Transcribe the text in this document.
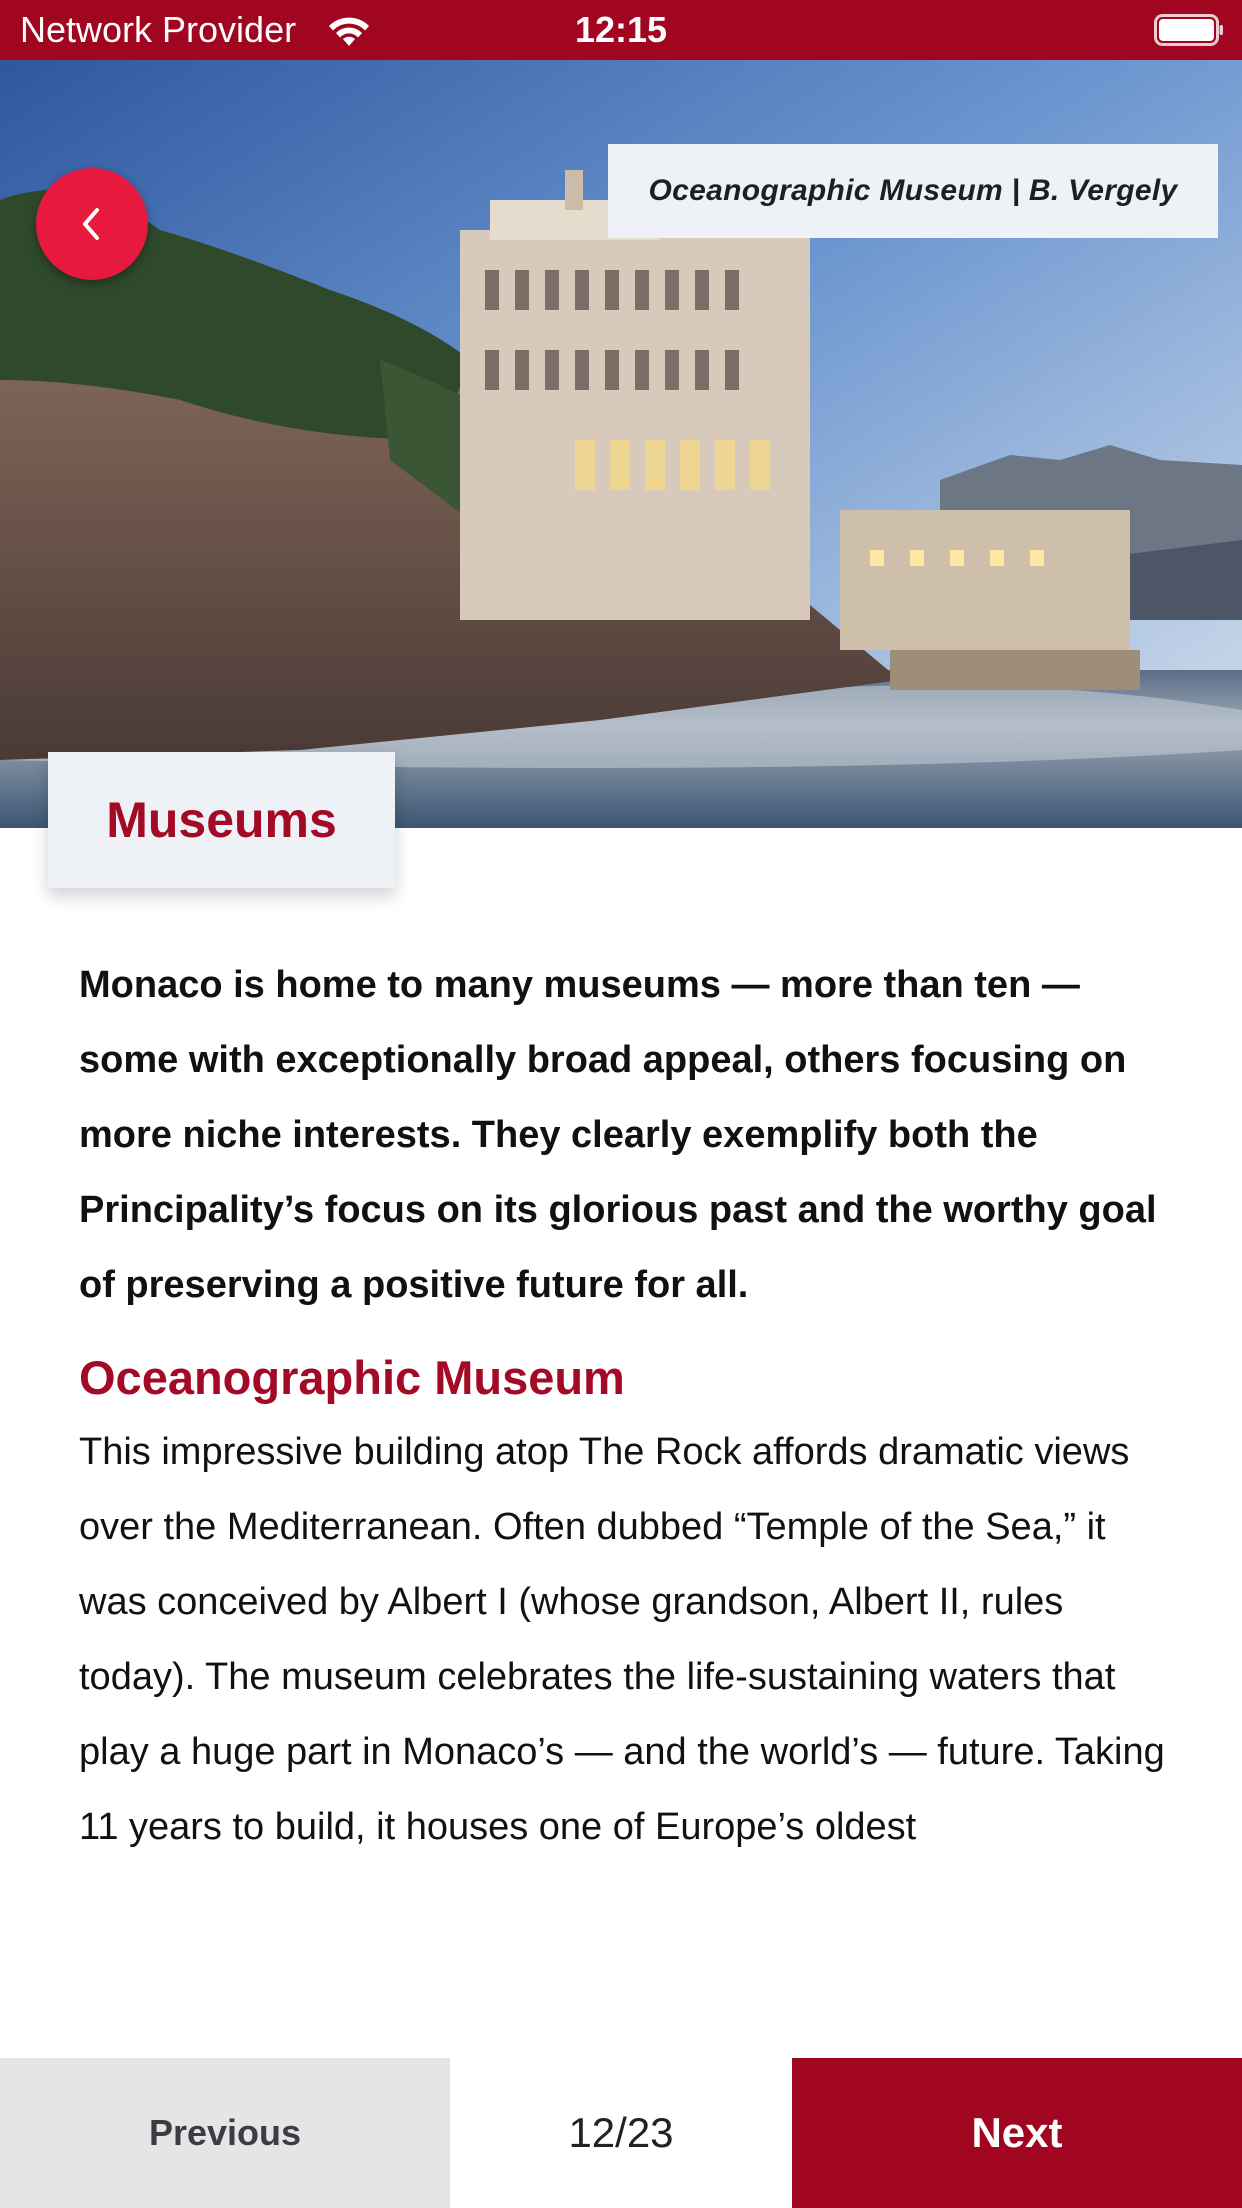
Network Provider	12:15
Oceanographic Museum | B. Vergely
Museums

Monaco is home to many museums — more than ten — some with exceptionally broad appeal, others focusing on more niche interests. They clearly exemplify both the Principality’s focus on its glorious past and the worthy goal of preserving a positive future for all.

Oceanographic Museum

This impressive building atop The Rock affords dramatic views over the Mediterranean. Often dubbed “Temple of the Sea,” it was conceived by Albert I (whose grandson, Albert II, rules today). The museum celebrates the life-sustaining waters that play a huge part in Monaco’s — and the world’s — future. Taking 11 years to build, it houses one of Europe’s oldest

Previous	12/23	Next
